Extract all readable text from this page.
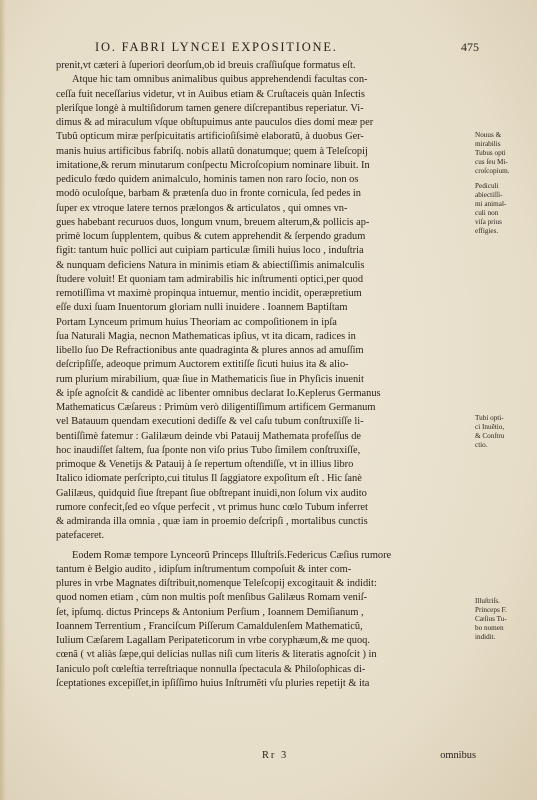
IO. FABRI LYNCEI EXPOSITIONE.	475
prenit,vt cæteri à ſuperiori deorſum,ob id breuis craſſiuſque formatus eſt.
Atque hic tam omnibus animalibus quibus apprehendendi facultas con-
ceſſa fuit neceſſarius videtur, vt in Auibus etiam & Cruſtaceis quàn Inſectis
pleriſque longè à multiſidorum tamen genere diſcrepantibus reperiatur. Vi-
dimus & ad miraculum vſque obſtupuimus ante pauculos dies domi meæ per
Tubũ opticum miræ perſpicuitatis artificioſiſsimè elaboratũ, à duobus Ger-
manis huius artificibus fabriſq. nobis allatũ donatumque; quem à Teleſcopij
imitatione,& rerum minutarum conſpectu Microſcopium nominare libuit. In
pediculo fœdo quidem animalculo, hominis tamen non raro ſocio, non os
modò oculoſque, barbam & prætenſa duo in fronte cornicula, ſed pedes in
ſuper ex vtroque latere ternos prælongos & articulatos , qui omnes vn-
gues habebant recuruos duos, longum vnum, breuem alterum,& pollicis ap-
primè locum ſupplentem, quibus & cutem apprehendit & ſerpendo gradum
figit: tantum huic pollici aut cuipiam particulæ ſimili huius loco , induſtria
& nunquam deficiens Natura in minimis etiam & abiectiſſimis animalculis
ſtudere voluit! Et quoniam tam admirabilis hic inſtrumenti optici,per quod
remotiſſima vt maximè propinqua intuemur, mentio incidit, operæpretium
eſſe duxi ſuam Inuentorum gloriam nulli inuidere . Ioannem Baptiſtam
Portam Lynceum primum huius Theoriam ac compoſitionem in ipſa
ſua Naturali Magia, necnon Mathematicas ipſius, vt ita dicam, radices in
libello ſuo De Refractionibus ante quadraginta & plures annos ad amuſſim
deſcripſiſſe, adeoque primum Auctorem extitiſſe ſicuti huius ita & alio-
rum plurium mirabilium, quæ ſiue in Mathematicis ſiue in Phyſicis inuenit
& ipſe agnoſcit & candidè ac libenter omnibus declarat Io.Keplerus Germanus
Mathematicus Cæſareus : Primùm verò diligentiſſimum artificem Germanum
vel Batauum quendam executioni dediſſe & vel caſu tubum conſtruxiſſe li-
bentiſſimè fatemur : Galilæum deinde vbi Patauij Mathemata profeſſus de
hoc inaudiſſet ſaltem, ſua ſponte non viſo prius Tubo ſimilem conſtruxiſſe,
primoque & Venetijs & Patauij à ſe repertum oſtendiſſe, vt in illius libro
Italico idiomate perſcripto,cui titulus Il ſaggiatore expoſitum eſt . Hic ſanè
Galilæus, quidquid ſiue ſtrepant ſiue obſtrepant inuidi,non ſolum vix audito
rumore confecit,ſed eo vſque perfecit , vt primus hunc cœlo Tubum inferret
& admiranda illa omnia , quæ iam in proemio deſcripſi , mortalibus cunctis
patefaceret.
Eodem Romæ tempore Lynceorũ Princeps Illuſtriſs.Federicus Cæſius rumore
tantum è Belgio audito , idipſum inſtrumentum compoſuit & inter com-
plures in vrbe Magnates diſtribuit,nomenque Teleſcopij excogitauit & indidit:
quod nomen etiam , cùm non multis poſt menſibus Galilæus Romam veniſ-
ſet, ipſumq. dictus Princeps & Antonium Perſium , Ioannem Demiſianum ,
Ioannem Terrentium , Franciſcum Piſſerum Camaldulenſem Mathematicũ,
Iulium Cæſarem Lagallam Peripateticorum in vrbe coryphæum,& me quoq.
cœnã ( vt aliàs ſæpe,qui delicias nullas niſi cum literis & literatis agnoſcit ) in
Ianiculo poſt cœleſtia terreſtriaque nonnulla ſpectacula & Philoſophicas di-
ſceptationes excepiſſet,in ipſiſſimo huius Inſtrumẽti vſu pluries repetijt & ita
Nouus &
mirabilis
Tubus opti
cus ſeu Mi-
croſcopium.
Pediculi
abiectiſſi-
mi animal-
culi non
viſa prius
effigies.
Tubi opti-
ci Inuẽtio,
& Conſtru
ctio.
Illuſtriſs.
Princeps F.
Cæſius Tu-
bo nomen
indidit.
Rr 3	omnibus
